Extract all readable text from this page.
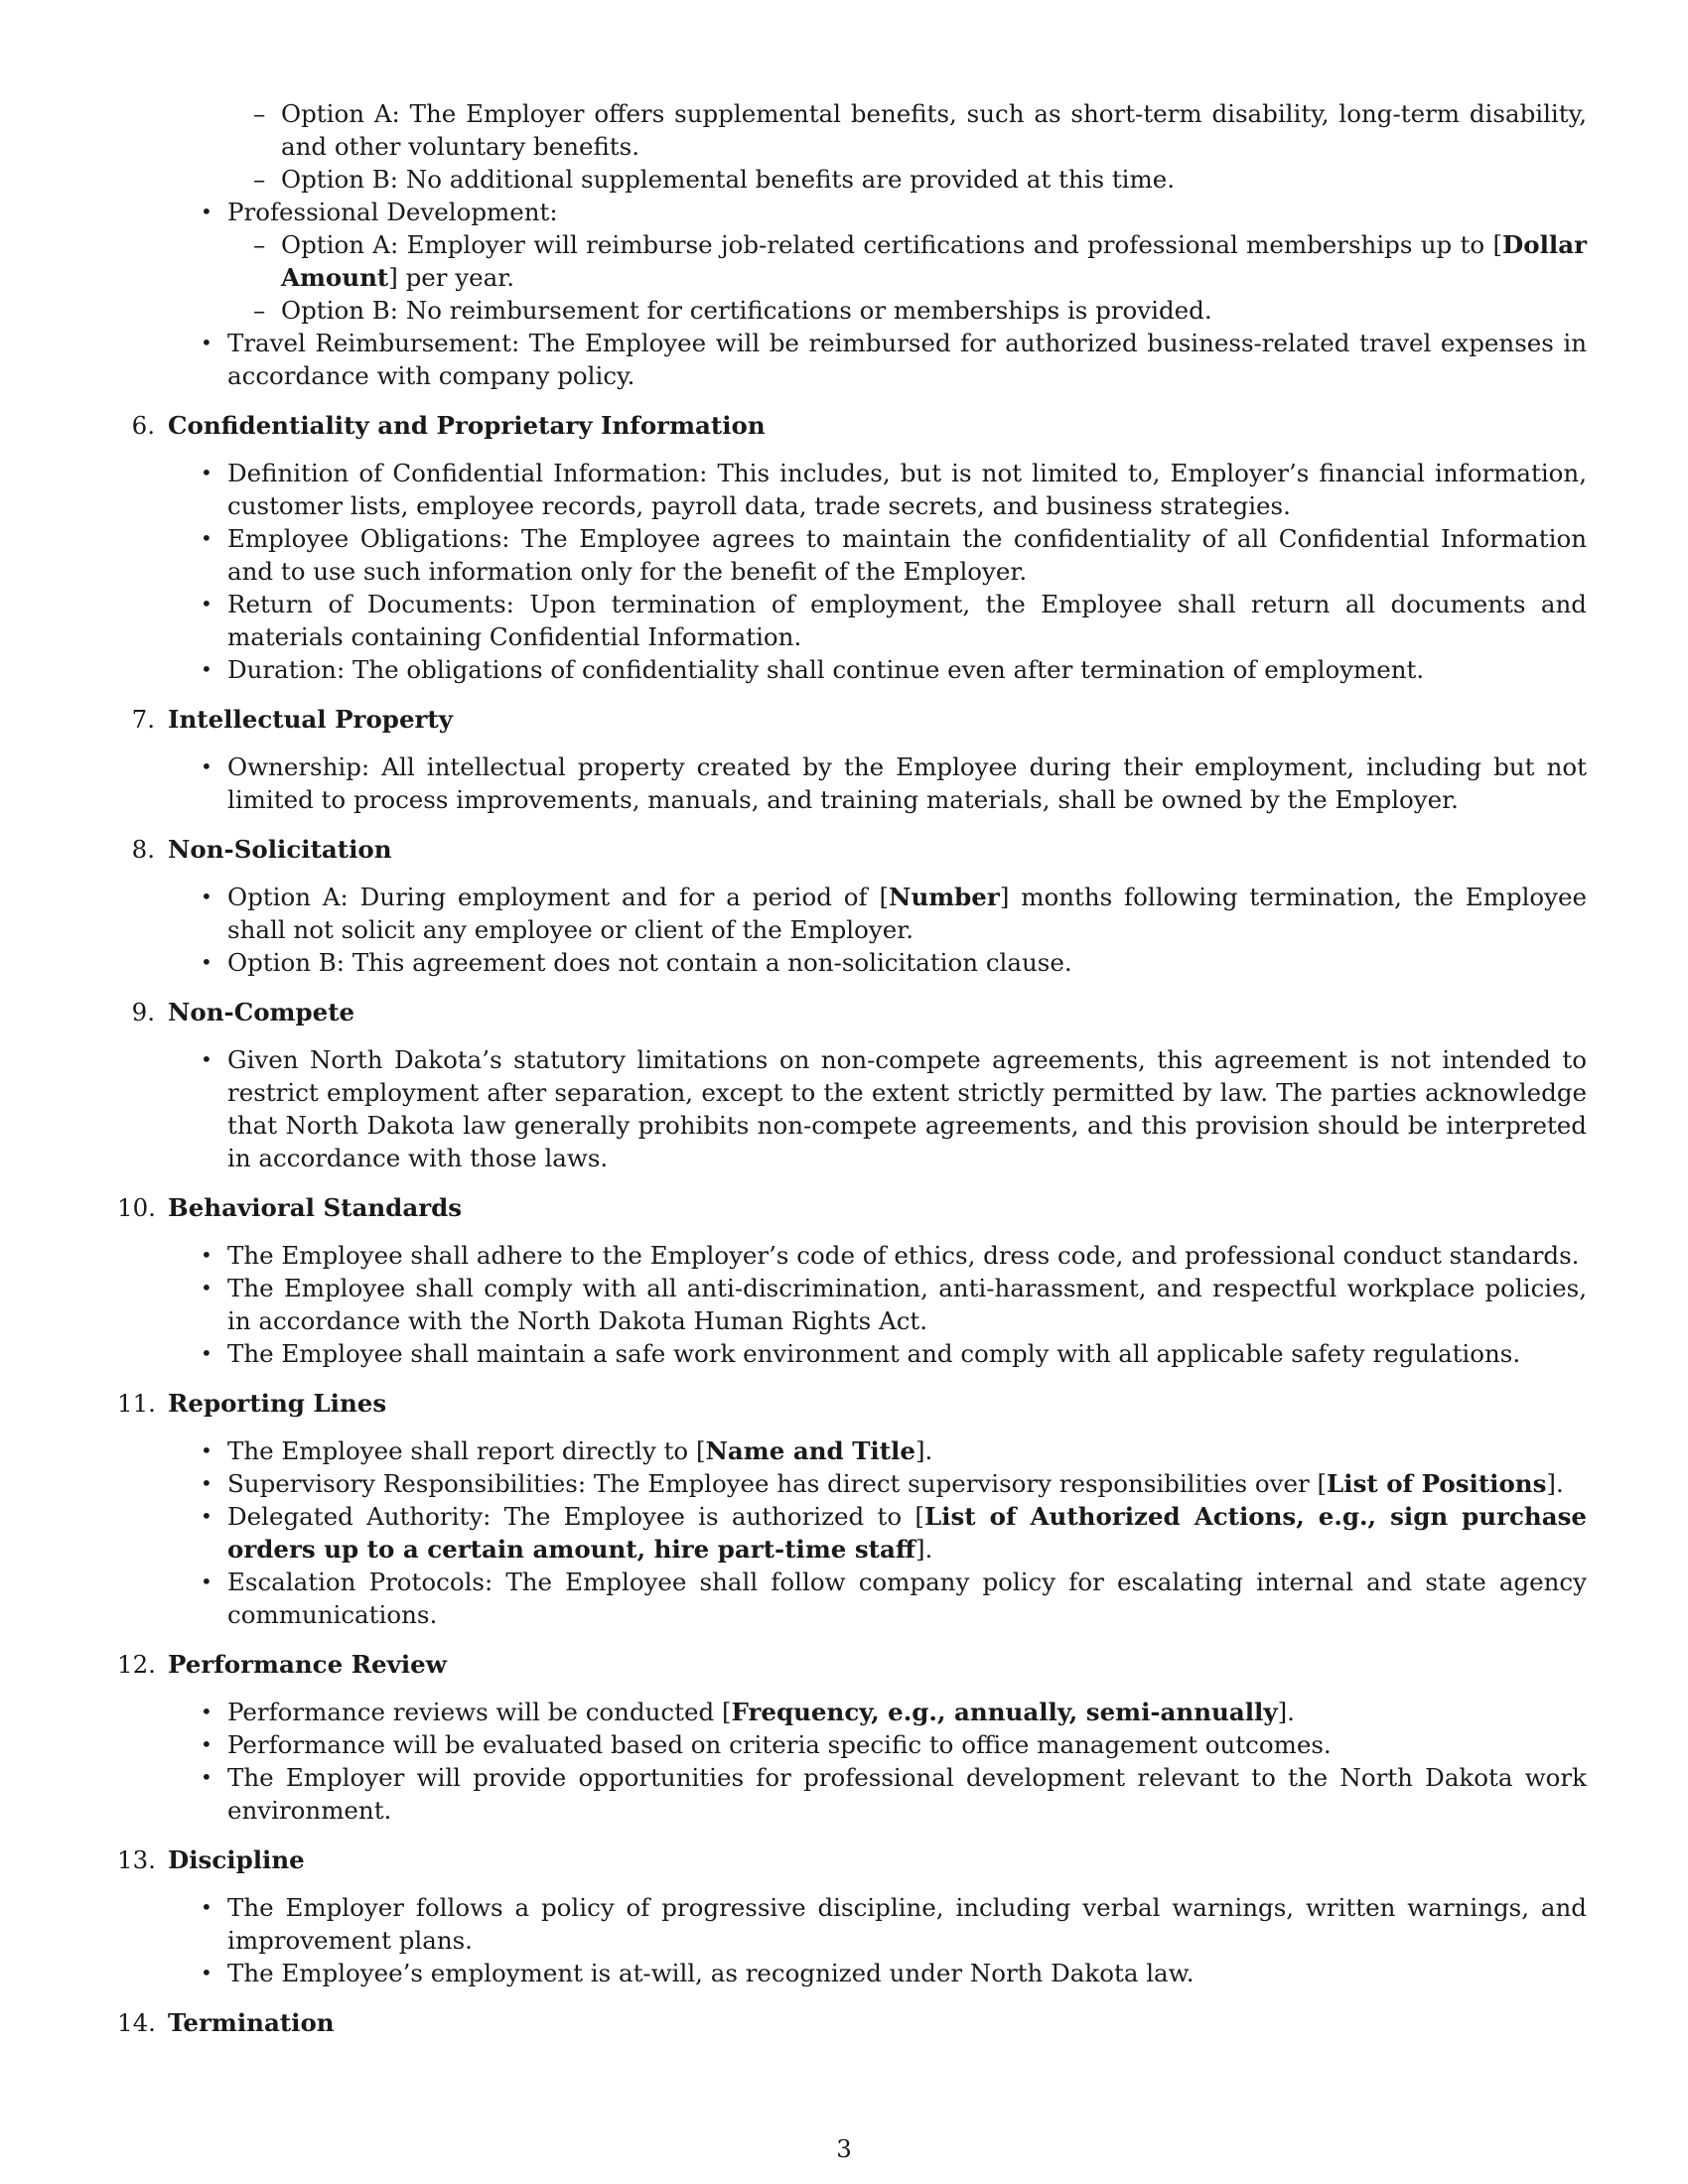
– Option A: The Employer offers supplemental benefits, such as short-term disability, long-term disability, and other voluntary benefits.
– Option B: No additional supplemental benefits are provided at this time.
• Professional Development:
– Option A: Employer will reimburse job-related certifications and professional memberships up to [Dollar Amount] per year.
– Option B: No reimbursement for certifications or memberships is provided.
• Travel Reimbursement: The Employee will be reimbursed for authorized business-related travel expenses in accordance with company policy.
6. Confidentiality and Proprietary Information
• Definition of Confidential Information: This includes, but is not limited to, Employer’s financial information, customer lists, employee records, payroll data, trade secrets, and business strategies.
• Employee Obligations: The Employee agrees to maintain the confidentiality of all Confidential Information and to use such information only for the benefit of the Employer.
• Return of Documents: Upon termination of employment, the Employee shall return all documents and materials containing Confidential Information.
• Duration: The obligations of confidentiality shall continue even after termination of employment.
7. Intellectual Property
• Ownership: All intellectual property created by the Employee during their employment, including but not limited to process improvements, manuals, and training materials, shall be owned by the Employer.
8. Non-Solicitation
• Option A: During employment and for a period of [Number] months following termination, the Employee shall not solicit any employee or client of the Employer.
• Option B: This agreement does not contain a non-solicitation clause.
9. Non-Compete
• Given North Dakota’s statutory limitations on non-compete agreements, this agreement is not intended to restrict employment after separation, except to the extent strictly permitted by law. The parties acknowledge that North Dakota law generally prohibits non-compete agreements, and this provision should be interpreted in accordance with those laws.
10. Behavioral Standards
• The Employee shall adhere to the Employer’s code of ethics, dress code, and professional conduct standards.
• The Employee shall comply with all anti-discrimination, anti-harassment, and respectful workplace policies, in accordance with the North Dakota Human Rights Act.
• The Employee shall maintain a safe work environment and comply with all applicable safety regulations.
11. Reporting Lines
• The Employee shall report directly to [Name and Title].
• Supervisory Responsibilities: The Employee has direct supervisory responsibilities over [List of Positions].
• Delegated Authority: The Employee is authorized to [List of Authorized Actions, e.g., sign purchase orders up to a certain amount, hire part-time staff].
• Escalation Protocols: The Employee shall follow company policy for escalating internal and state agency communications.
12. Performance Review
• Performance reviews will be conducted [Frequency, e.g., annually, semi-annually].
• Performance will be evaluated based on criteria specific to office management outcomes.
• The Employer will provide opportunities for professional development relevant to the North Dakota work environment.
13. Discipline
• The Employer follows a policy of progressive discipline, including verbal warnings, written warnings, and improvement plans.
• The Employee’s employment is at-will, as recognized under North Dakota law.
14. Termination
3
